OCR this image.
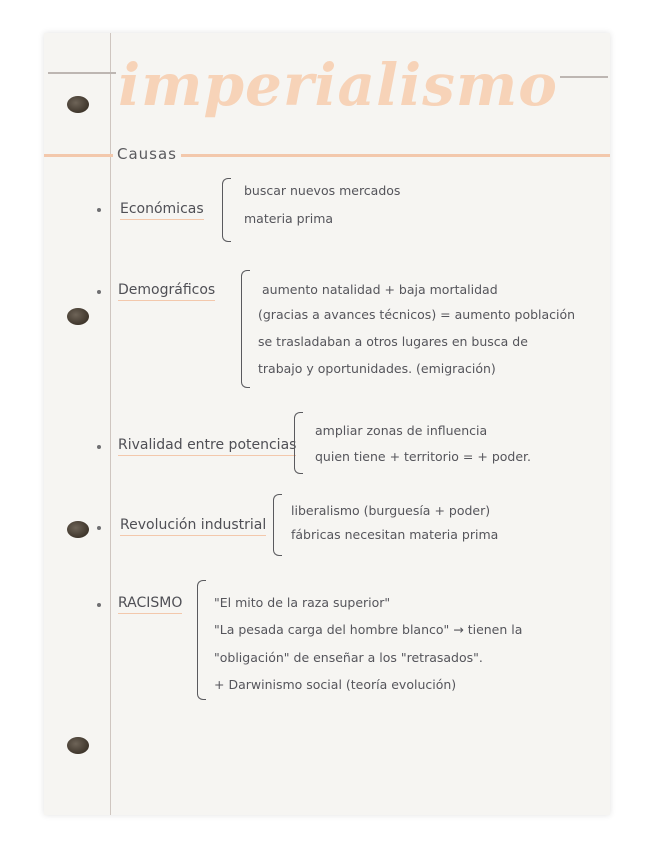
imperialismo
Causas
Económicas
buscar nuevos mercados
materia prima
Demográficos	aumento natalidad + baja mortalidad
(gracias a avances técnicos) = aumento población
se trasladaban a otros lugares en busca de
trabajo y oportunidades. (emigración)
Rivalidad entre potencias
ampliar zonas de influencia
quien tiene + territorio = + poder.
Revolución industrial
liberalismo (burguesía + poder)
fábricas necesitan materia prima
RACISMO	"El mito de la raza superior"
"La pesada carga del hombre blanco" → tienen la
"obligación" de enseñar a los "retrasados".
+ Darwinismo social (teoría evolución)
